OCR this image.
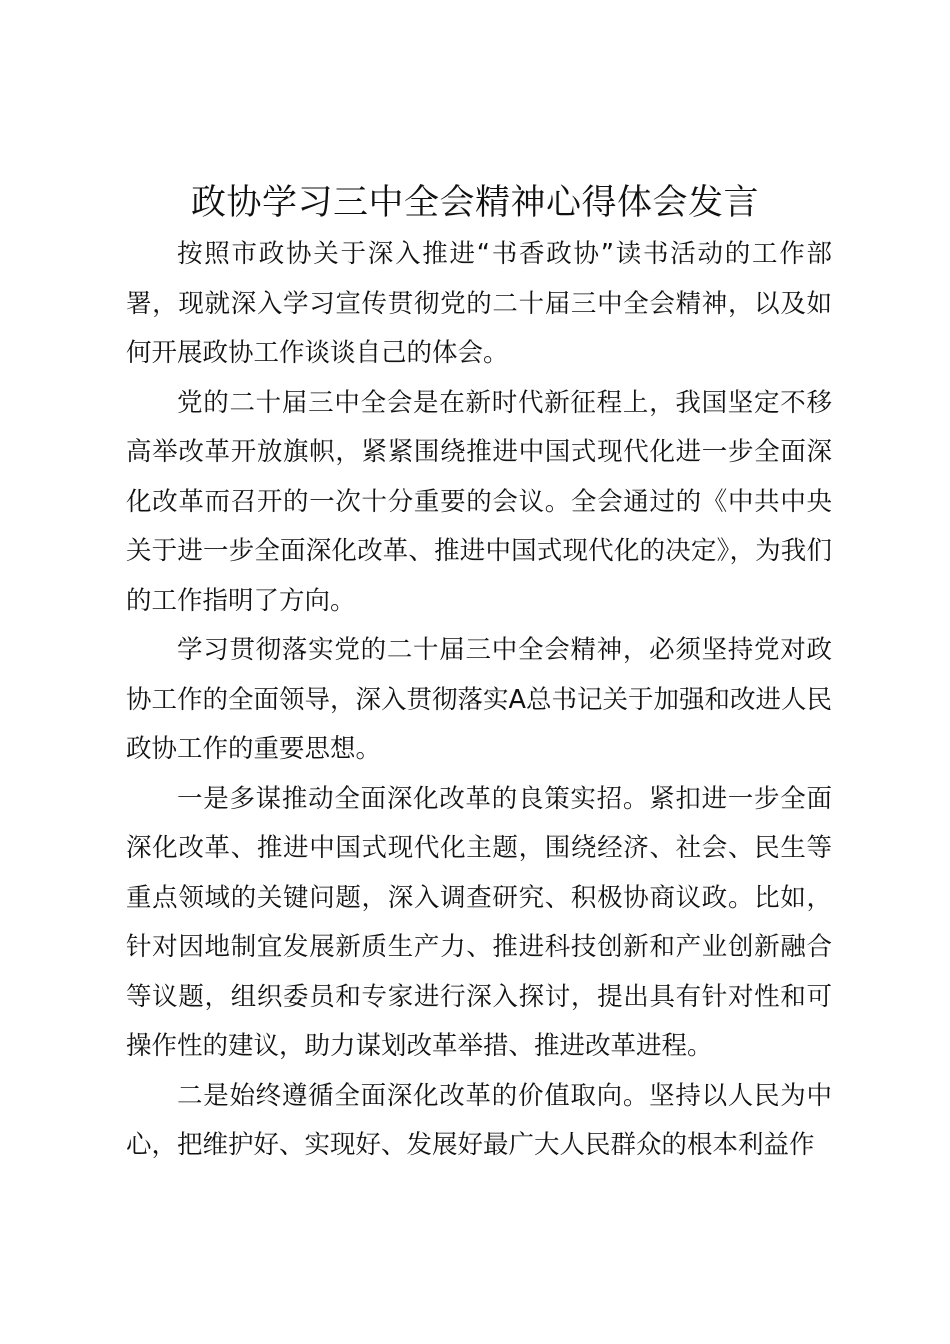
政协学习三中全会精神心得体会发言

按照市政协关于深入推进“书香政协”读书活动的工作部署，现就深入学习宣传贯彻党的二十届三中全会精神，以及如何开展政协工作谈谈自己的体会。

党的二十届三中全会是在新时代新征程上，我国坚定不移高举改革开放旗帜，紧紧围绕推进中国式现代化进一步全面深化改革而召开的一次十分重要的会议。全会通过的《中共中央关于进一步全面深化改革、推进中国式现代化的决定》，为我们的工作指明了方向。

学习贯彻落实党的二十届三中全会精神，必须坚持党对政协工作的全面领导，深入贯彻落实A总书记关于加强和改进人民政协工作的重要思想。

一是多谋推动全面深化改革的良策实招。紧扣进一步全面深化改革、推进中国式现代化主题，围绕经济、社会、民生等重点领域的关键问题，深入调查研究、积极协商议政。比如，针对因地制宜发展新质生产力、推进科技创新和产业创新融合等议题，组织委员和专家进行深入探讨，提出具有针对性和可操作性的建议，助力谋划改革举措、推进改革进程。

二是始终遵循全面深化改革的价值取向。坚持以人民为中心，把维护好、实现好、发展好最广大人民群众的根本利益作
